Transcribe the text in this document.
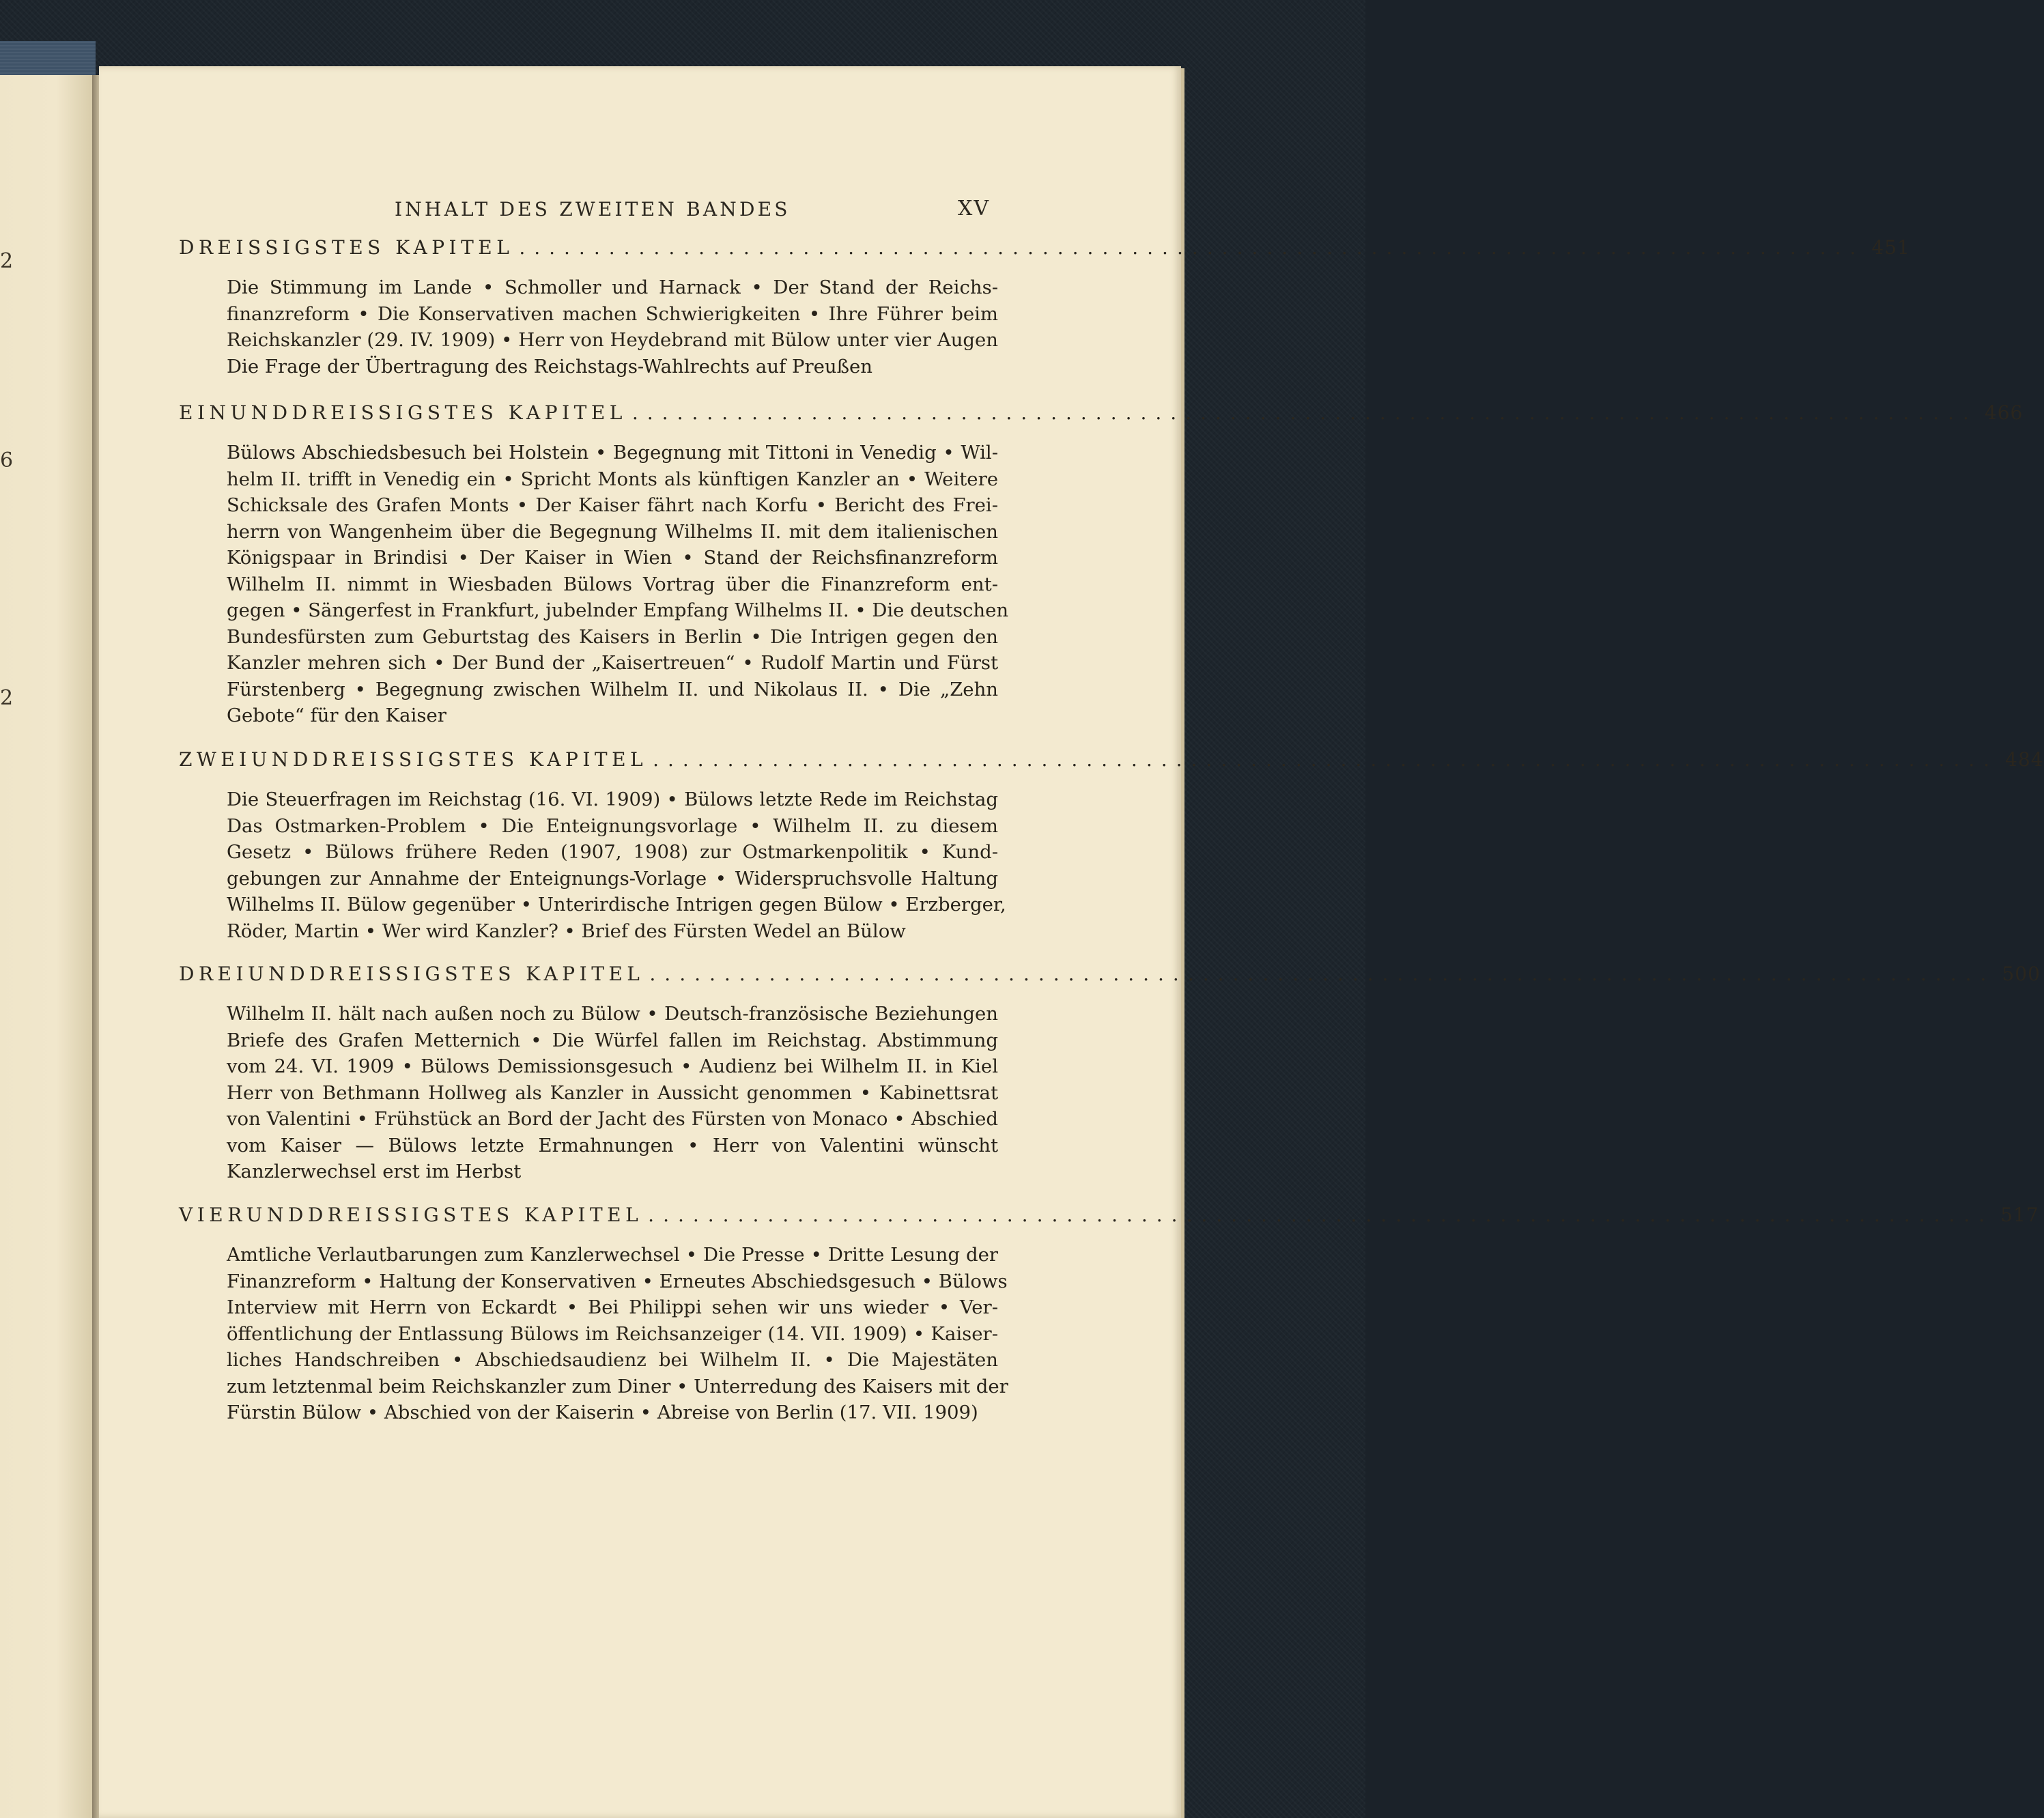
2
6
2
INHALT DES ZWEITEN BANDES	XV
DREISSIGSTES KAPITEL .......................................................................................... 451
Die Stimmung im Lande • Schmoller und Harnack • Der Stand der Reichs-
finanzreform • Die Konservativen machen Schwierigkeiten • Ihre Führer beim
Reichskanzler (29. IV. 1909) • Herr von Heydebrand mit Bülow unter vier Augen
Die Frage der Übertragung des Reichstags-Wahlrechts auf Preußen
EINUNDDREISSIGSTES KAPITEL .......................................................................................... 466
Bülows Abschiedsbesuch bei Holstein • Begegnung mit Tittoni in Venedig • Wil-
helm II. trifft in Venedig ein • Spricht Monts als künftigen Kanzler an • Weitere
Schicksale des Grafen Monts • Der Kaiser fährt nach Korfu • Bericht des Frei-
herrn von Wangenheim über die Begegnung Wilhelms II. mit dem italienischen
Königspaar in Brindisi • Der Kaiser in Wien • Stand der Reichsfinanzreform
Wilhelm II. nimmt in Wiesbaden Bülows Vortrag über die Finanzreform ent-
gegen • Sängerfest in Frankfurt, jubelnder Empfang Wilhelms II. • Die deutschen
Bundesfürsten zum Geburtstag des Kaisers in Berlin • Die Intrigen gegen den
Kanzler mehren sich • Der Bund der „Kaisertreuen“ • Rudolf Martin und Fürst
Fürstenberg • Begegnung zwischen Wilhelm II. und Nikolaus II. • Die „Zehn
Gebote“ für den Kaiser
ZWEIUNDDREISSIGSTES KAPITEL .......................................................................................... 484
Die Steuerfragen im Reichstag (16. VI. 1909) • Bülows letzte Rede im Reichstag
Das Ostmarken-Problem • Die Enteignungsvorlage • Wilhelm II. zu diesem
Gesetz • Bülows frühere Reden (1907, 1908) zur Ostmarkenpolitik • Kund-
gebungen zur Annahme der Enteignungs-Vorlage • Widerspruchsvolle Haltung
Wilhelms II. Bülow gegenüber • Unterirdische Intrigen gegen Bülow • Erzberger,
Röder, Martin • Wer wird Kanzler? • Brief des Fürsten Wedel an Bülow
DREIUNDDREISSIGSTES KAPITEL .......................................................................................... 500
Wilhelm II. hält nach außen noch zu Bülow • Deutsch-französische Beziehungen
Briefe des Grafen Metternich • Die Würfel fallen im Reichstag. Abstimmung
vom 24. VI. 1909 • Bülows Demissionsgesuch • Audienz bei Wilhelm II. in Kiel
Herr von Bethmann Hollweg als Kanzler in Aussicht genommen • Kabinettsrat
von Valentini • Frühstück an Bord der Jacht des Fürsten von Monaco • Abschied
vom Kaiser — Bülows letzte Ermahnungen • Herr von Valentini wünscht
Kanzlerwechsel erst im Herbst
VIERUNDDREISSIGSTES KAPITEL .......................................................................................... 517
Amtliche Verlautbarungen zum Kanzlerwechsel • Die Presse • Dritte Lesung der
Finanzreform • Haltung der Konservativen • Erneutes Abschiedsgesuch • Bülows
Interview mit Herrn von Eckardt • Bei Philippi sehen wir uns wieder • Ver-
öffentlichung der Entlassung Bülows im Reichsanzeiger (14. VII. 1909) • Kaiser-
liches Handschreiben • Abschiedsaudienz bei Wilhelm II. • Die Majestäten
zum letztenmal beim Reichskanzler zum Diner • Unterredung des Kaisers mit der
Fürstin Bülow • Abschied von der Kaiserin • Abreise von Berlin (17. VII. 1909)
